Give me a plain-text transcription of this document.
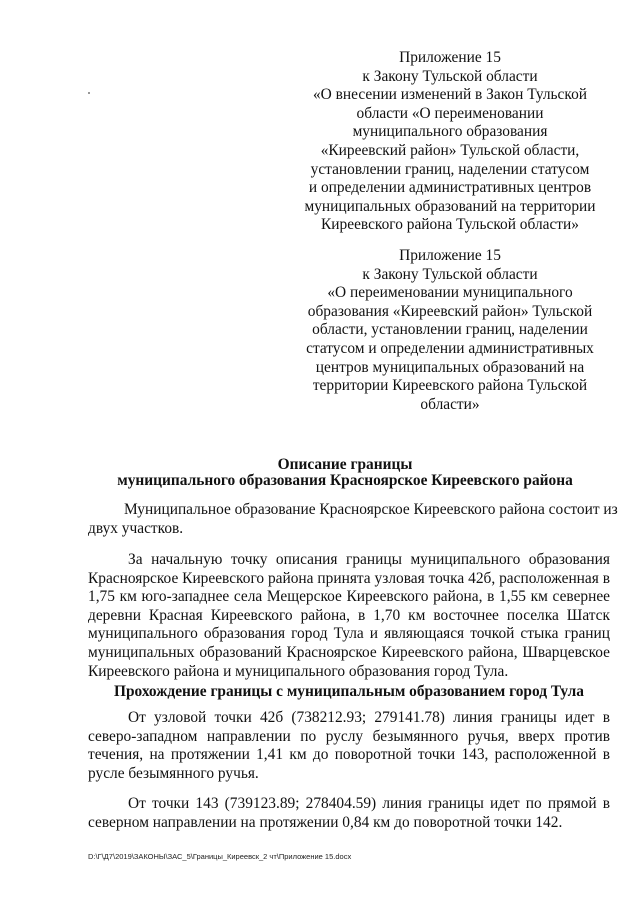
Приложение 15
к Закону Тульской области
«О внесении изменений в Закон Тульской
области «О переименовании
муниципального образования
«Киреевский район» Тульской области,
установлении границ, наделении статусом
и определении административных центров
муниципальных образований на территории
Киреевского района Тульской области»
Приложение 15
к Закону Тульской области
«О переименовании муниципального
образования «Киреевский район» Тульской
области, установлении границ, наделении
статусом и определении административных
центров муниципальных образований на
территории Киреевского района Тульской
области»
Описание границы
муниципального образования Красноярское Киреевского района
Муниципальное образование Красноярское Киреевского района состоит из
двух участков.
За начальную точку описания границы муниципального образования
Красноярское Киреевского района принята узловая точка 42б, расположенная в
1,75 км юго-западнее села Мещерское Киреевского района, в 1,55 км севернее
деревни Красная Киреевского района, в 1,70 км восточнее поселка Шатск
муниципального образования город Тула и являющаяся точкой стыка границ
муниципальных образований Красноярское Киреевского района, Шварцевское
Киреевского района и муниципального образования город Тула.
Прохождение границы с муниципальным образованием город Тула
От узловой точки 42б (738212.93; 279141.78) линия границы идет в
северо-западном направлении по руслу безымянного ручья, вверх против
течения, на протяжении 1,41 км до поворотной точки 143, расположенной в
русле безымянного ручья.
От точки 143 (739123.89; 278404.59) линия границы идет по прямой в
северном направлении на протяжении 0,84 км до поворотной точки 142.
D:\Г\Д7\2019\ЗАКОНЫ\ЗАС_5\Границы_Киреевск_2 чт\Приложение 15.docx
